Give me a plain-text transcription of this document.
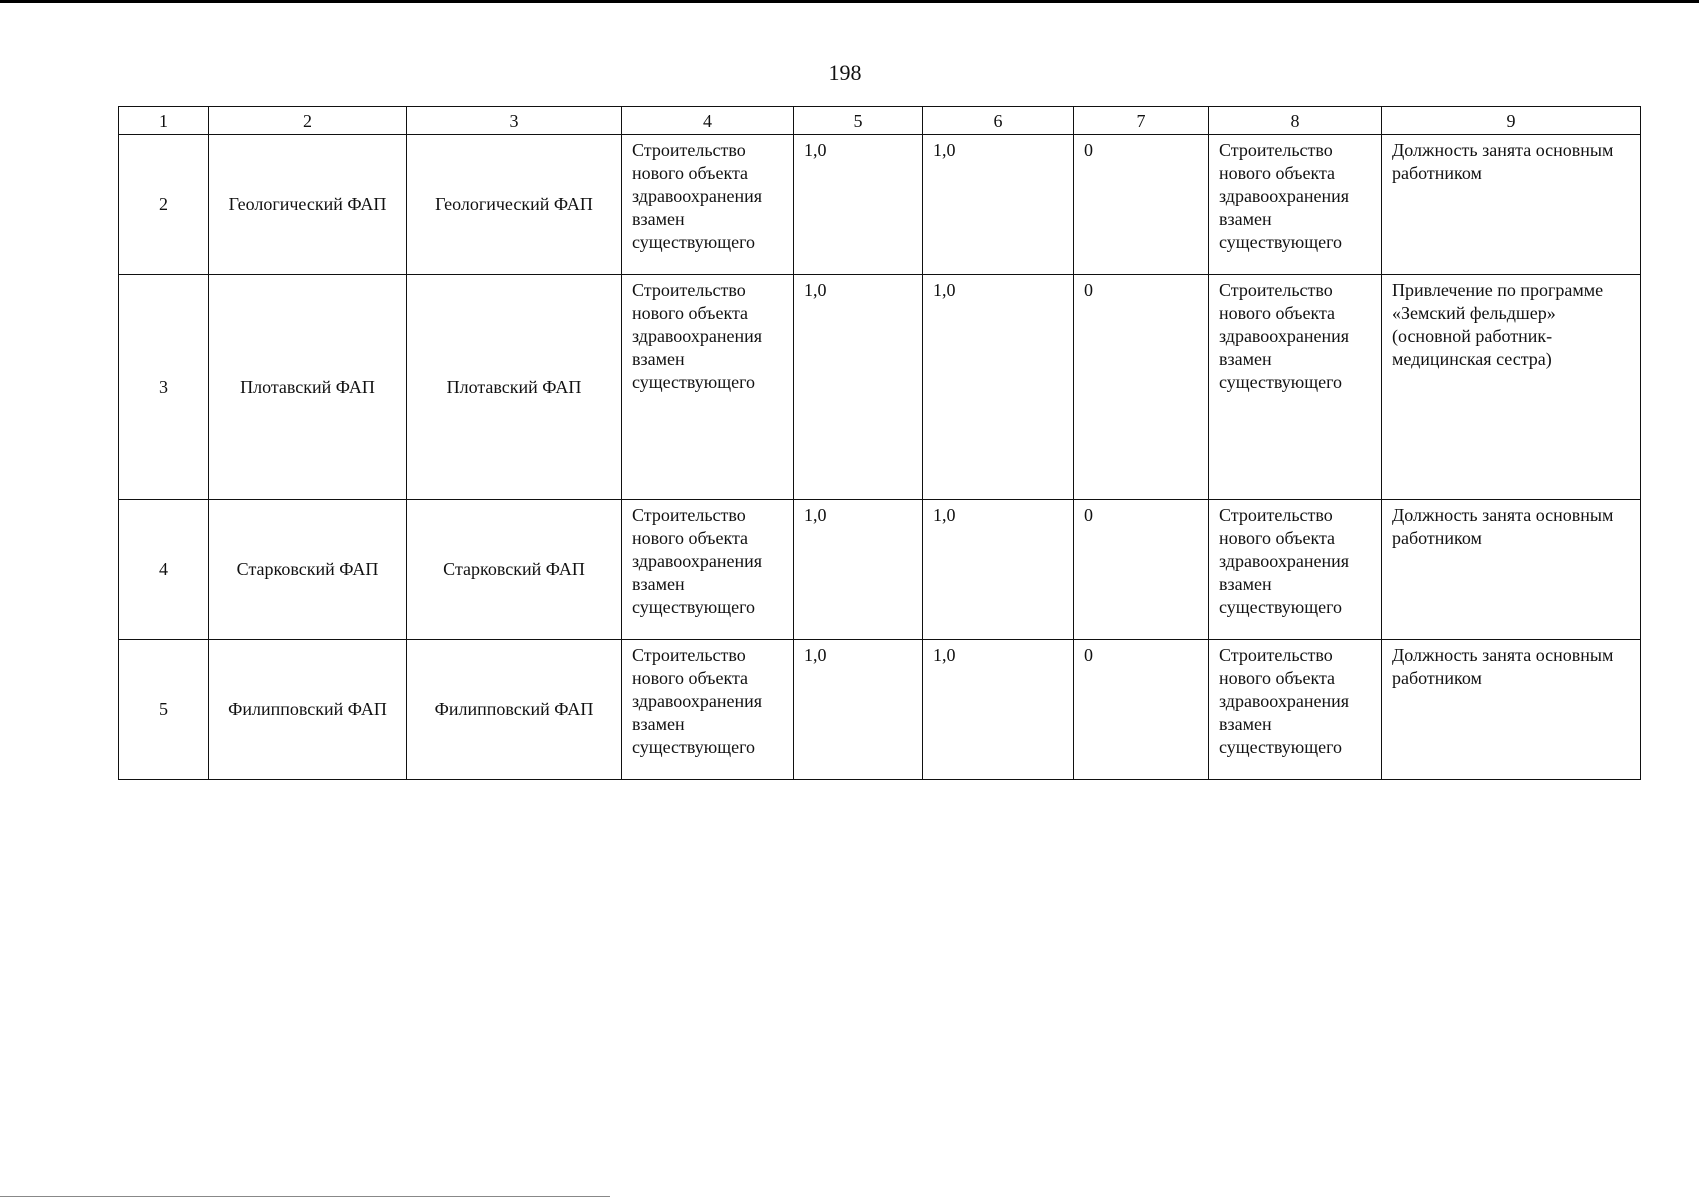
198
1	2	3	4	5	6	7	8	9
2	Геологический ФАП	Геологический ФАП	Строительство нового объекта здравоохранения взамен существующего	1,0	1,0	0	Строительство нового объекта здравоохранения взамен существующего	Должность занята основным работником
3	Плотавский ФАП	Плотавский ФАП	Строительство нового объекта здравоохранения взамен существующего	1,0	1,0	0	Строительство нового объекта здравоохранения взамен существующего	Привлечение по программе «Земский фельдшер» (основной работник- медицинская сестра)
4	Старковский ФАП	Старковский ФАП	Строительство нового объекта здравоохранения взамен существующего	1,0	1,0	0	Строительство нового объекта здравоохранения взамен существующего	Должность занята основным работником
5	Филипповский ФАП	Филипповский ФАП	Строительство нового объекта здравоохранения взамен существующего	1,0	1,0	0	Строительство нового объекта здравоохранения взамен существующего	Должность занята основным работником
